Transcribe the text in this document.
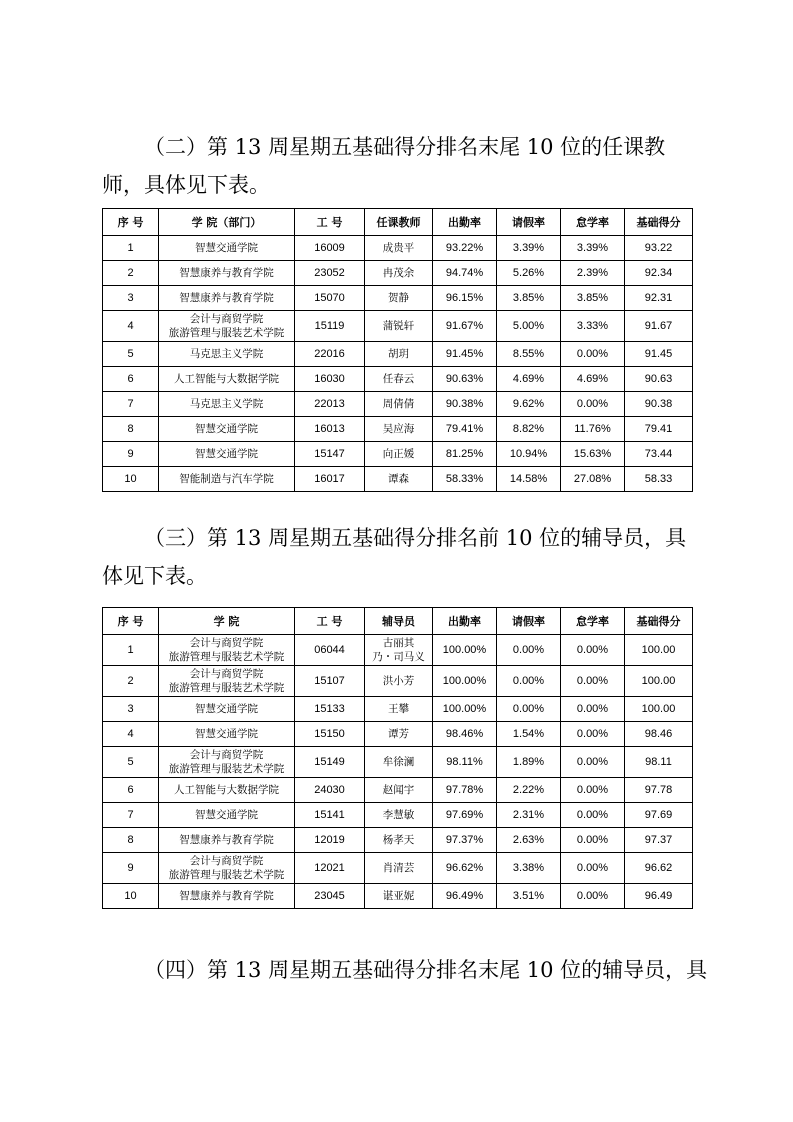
（二）第 13 周星期五基础得分排名末尾 10 位的任课教师，具体见下表。

序 号	学 院（部门）	工 号	任课教师	出勤率	请假率	怠学率	基础得分
1	智慧交通学院	16009	成贵平	93.22%	3.39%	3.39%	93.22
2	智慧康养与教育学院	23052	冉茂余	94.74%	5.26%	2.39%	92.34
3	智慧康养与教育学院	15070	贺静	96.15%	3.85%	3.85%	92.31
4	会计与商贸学院
旅游管理与服装艺术学院	15119	蒲锐轩	91.67%	5.00%	3.33%	91.67
5	马克思主义学院	22016	胡玥	91.45%	8.55%	0.00%	91.45
6	人工智能与大数据学院	16030	任春云	90.63%	4.69%	4.69%	90.63
7	马克思主义学院	22013	周倩倩	90.38%	9.62%	0.00%	90.38
8	智慧交通学院	16013	吴应海	79.41%	8.82%	11.76%	79.41
9	智慧交通学院	15147	向正媛	81.25%	10.94%	15.63%	73.44
10	智能制造与汽车学院	16017	谭森	58.33%	14.58%	27.08%	58.33

（三）第 13 周星期五基础得分排名前 10 位的辅导员，具体见下表。

序 号	学 院	工 号	辅导员	出勤率	请假率	怠学率	基础得分
1	会计与商贸学院
旅游管理与服装艺术学院	06044	古丽其
乃・司马义	100.00%	0.00%	0.00%	100.00
2	会计与商贸学院
旅游管理与服装艺术学院	15107	洪小芳	100.00%	0.00%	0.00%	100.00
3	智慧交通学院	15133	王攀	100.00%	0.00%	0.00%	100.00
4	智慧交通学院	15150	谭芳	98.46%	1.54%	0.00%	98.46
5	会计与商贸学院
旅游管理与服装艺术学院	15149	牟徐澜	98.11%	1.89%	0.00%	98.11
6	人工智能与大数据学院	24030	赵闻宇	97.78%	2.22%	0.00%	97.78
7	智慧交通学院	15141	李慧敏	97.69%	2.31%	0.00%	97.69
8	智慧康养与教育学院	12019	杨孝天	97.37%	2.63%	0.00%	97.37
9	会计与商贸学院
旅游管理与服装艺术学院	12021	肖清芸	96.62%	3.38%	0.00%	96.62
10	智慧康养与教育学院	23045	谌亚妮	96.49%	3.51%	0.00%	96.49

（四）第 13 周星期五基础得分排名末尾 10 位的辅导员，具
